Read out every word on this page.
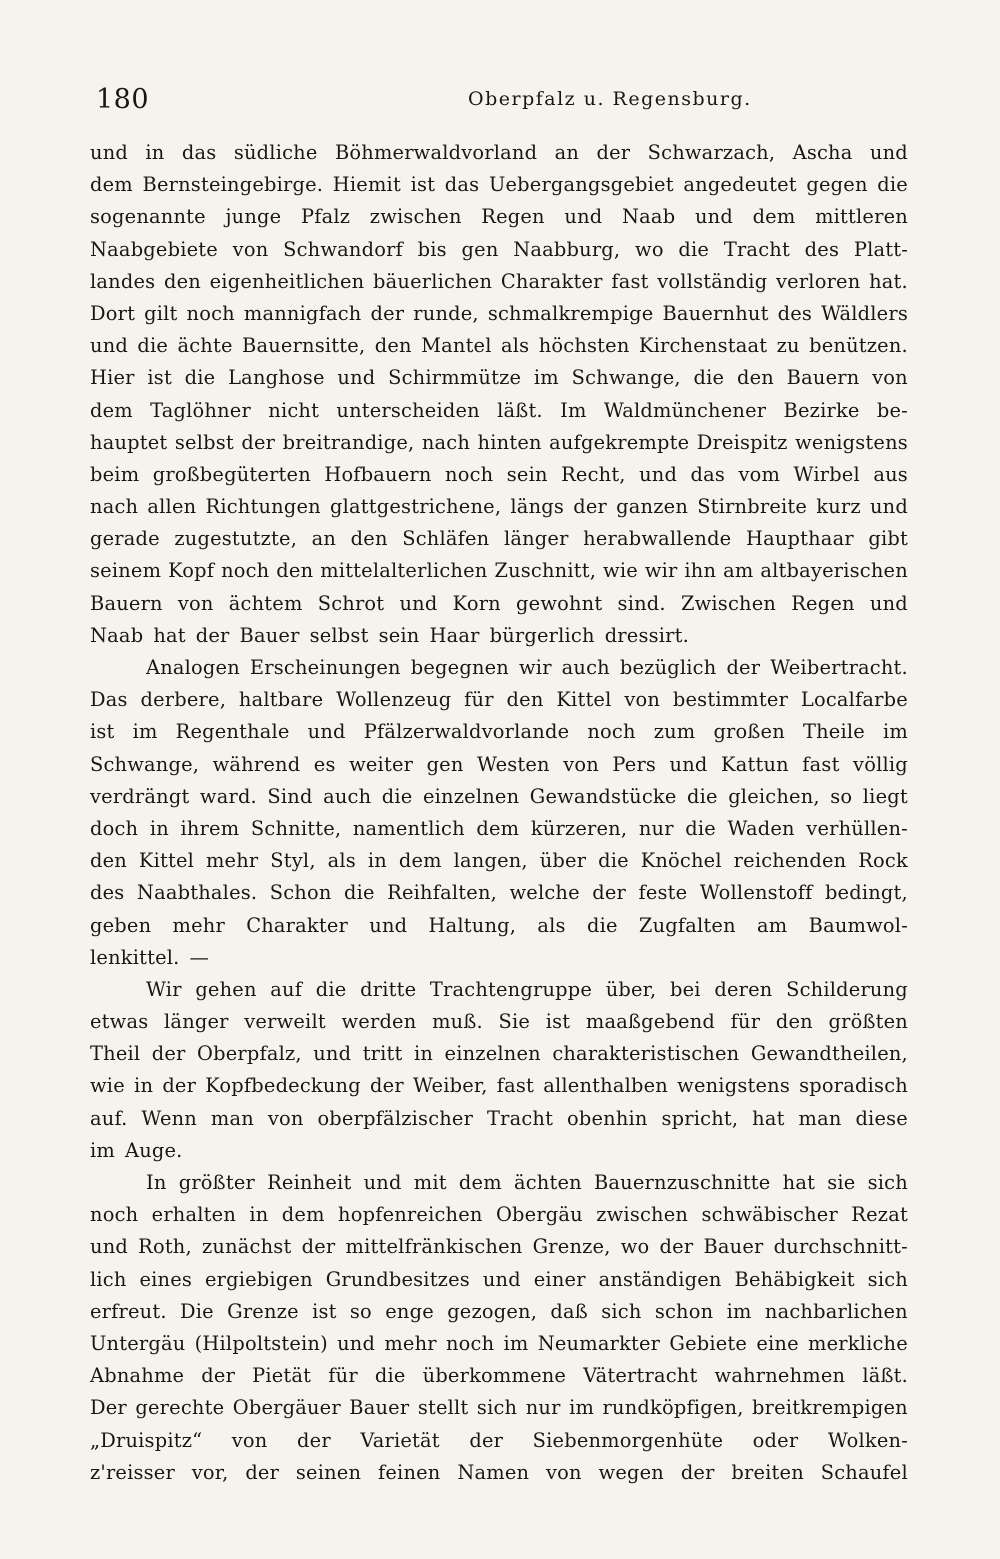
180	Oberpfalz u. Regensburg.
und in das südliche Böhmerwaldvorland an der Schwarzach, Ascha und
dem Bernsteingebirge. Hiemit ist das Uebergangsgebiet angedeutet gegen die
sogenannte junge Pfalz zwischen Regen und Naab und dem mittleren
Naabgebiete von Schwandorf bis gen Naabburg, wo die Tracht des Platt-
landes den eigenheitlichen bäuerlichen Charakter fast vollständig verloren hat.
Dort gilt noch mannigfach der runde, schmalkrempige Bauernhut des Wäldlers
und die ächte Bauernsitte, den Mantel als höchsten Kirchenstaat zu benützen.
Hier ist die Langhose und Schirmmütze im Schwange, die den Bauern von
dem Taglöhner nicht unterscheiden läßt. Im Waldmünchener Bezirke be-
hauptet selbst der breitrandige, nach hinten aufgekrempte Dreispitz wenigstens
beim großbegüterten Hofbauern noch sein Recht, und das vom Wirbel aus
nach allen Richtungen glattgestrichene, längs der ganzen Stirnbreite kurz und
gerade zugestutzte, an den Schläfen länger herabwallende Haupthaar gibt
seinem Kopf noch den mittelalterlichen Zuschnitt, wie wir ihn am altbayerischen
Bauern von ächtem Schrot und Korn gewohnt sind. Zwischen Regen und
Naab hat der Bauer selbst sein Haar bürgerlich dressirt.
Analogen Erscheinungen begegnen wir auch bezüglich der Weibertracht.
Das derbere, haltbare Wollenzeug für den Kittel von bestimmter Localfarbe
ist im Regenthale und Pfälzerwaldvorlande noch zum großen Theile im
Schwange, während es weiter gen Westen von Pers und Kattun fast völlig
verdrängt ward. Sind auch die einzelnen Gewandstücke die gleichen, so liegt
doch in ihrem Schnitte, namentlich dem kürzeren, nur die Waden verhüllen-
den Kittel mehr Styl, als in dem langen, über die Knöchel reichenden Rock
des Naabthales. Schon die Reihfalten, welche der feste Wollenstoff bedingt,
geben mehr Charakter und Haltung, als die Zugfalten am Baumwol-
lenkittel. —
Wir gehen auf die dritte Trachtengruppe über, bei deren Schilderung
etwas länger verweilt werden muß. Sie ist maaßgebend für den größten
Theil der Oberpfalz, und tritt in einzelnen charakteristischen Gewandtheilen,
wie in der Kopfbedeckung der Weiber, fast allenthalben wenigstens sporadisch
auf. Wenn man von oberpfälzischer Tracht obenhin spricht, hat man diese
im Auge.
In größter Reinheit und mit dem ächten Bauernzuschnitte hat sie sich
noch erhalten in dem hopfenreichen Obergäu zwischen schwäbischer Rezat
und Roth, zunächst der mittelfränkischen Grenze, wo der Bauer durchschnitt-
lich eines ergiebigen Grundbesitzes und einer anständigen Behäbigkeit sich
erfreut. Die Grenze ist so enge gezogen, daß sich schon im nachbarlichen
Untergäu (Hilpoltstein) und mehr noch im Neumarkter Gebiete eine merkliche
Abnahme der Pietät für die überkommene Vätertracht wahrnehmen läßt.
Der gerechte Obergäuer Bauer stellt sich nur im rundköpfigen, breitkrempigen
„Druispitz“ von der Varietät der Siebenmorgenhüte oder Wolken-
z'reisser vor, der seinen feinen Namen von wegen der breiten Schaufel
